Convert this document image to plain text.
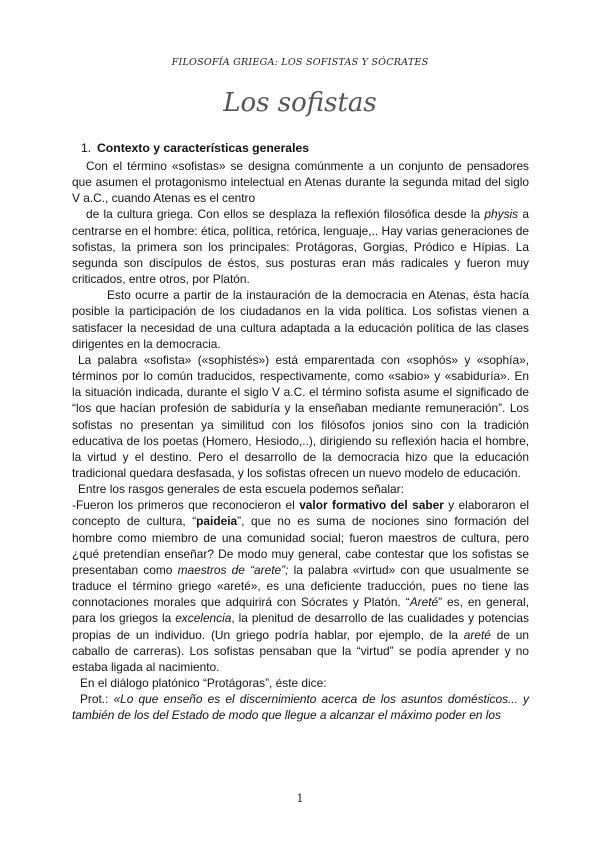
FILOSOFÍA GRIEGA: LOS SOFISTAS Y SÓCRATES
Los sofistas
1. Contexto y características generales

Con el término «sofistas» se designa comúnmente a un conjunto de pensadores que asumen el protagonismo intelectual en Atenas durante la segunda mitad del siglo V a.C., cuando Atenas es el centro

de la cultura griega. Con ellos se desplaza la reflexión filosófica desde la physis a centrarse en el hombre: ética, política, retórica, lenguaje,.. Hay varias generaciones de sofistas, la primera son los principales: Protágoras, Gorgias, Pródico e Hípias. La segunda son discípulos de éstos, sus posturas eran más radicales y fueron muy criticados, entre otros, por Platón.

Esto ocurre a partir de la instauración de la democracia en Atenas, ésta hacía posible la participación de los ciudadanos en la vida política. Los sofistas vienen a satisfacer la necesidad de una cultura adaptada a la educación política de las clases dirigentes en la democracia.

La palabra «sofista» («sophistés») está emparentada con «sophós» y «sophía», términos por lo común traducidos, respectivamente, como «sabio» y «sabiduría». En la situación indicada, durante el siglo V a.C. el término sofista asume el significado de “los que hacían profesión de sabiduría y la enseñaban mediante remuneración”. Los sofistas no presentan ya similitud con los filósofos jonios sino con la tradición educativa de los poetas (Homero, Hesiodo,..), dirigiendo su reflexión hacia el hombre, la virtud y el destino. Pero el desarrollo de la democracia hizo que la educación tradicional quedara desfasada, y los sofistas ofrecen un nuevo modelo de educación.

Entre los rasgos generales de esta escuela podemos señalar:

-Fueron los primeros que reconocieron el valor formativo del saber y elaboraron el concepto de cultura, “paideia”, que no es suma de nociones sino formación del hombre como miembro de una comunidad social; fueron maestros de cultura, pero ¿qué pretendían enseñar? De modo muy general, cabe contestar que los sofistas se presentaban como maestros de “arete”; la palabra «virtud» con que usualmente se traduce el término griego «areté», es una deficiente traducción, pues no tiene las connotaciones morales que adquirirá con Sócrates y Platón. “Areté” es, en general, para los griegos la excelencia, la plenitud de desarrollo de las cualidades y potencias propias de un individuo. (Un griego podría hablar, por ejemplo, de la areté de un caballo de carreras). Los sofistas pensaban que la “virtud” se podía aprender y no estaba ligada al nacimiento.

En el diálogo platónico “Protágoras”, éste dice:

Prot.: «Lo que enseño es el discernimiento acerca de los asuntos domésticos... y también de los del Estado de modo que llegue a alcanzar el máximo poder en los

1
